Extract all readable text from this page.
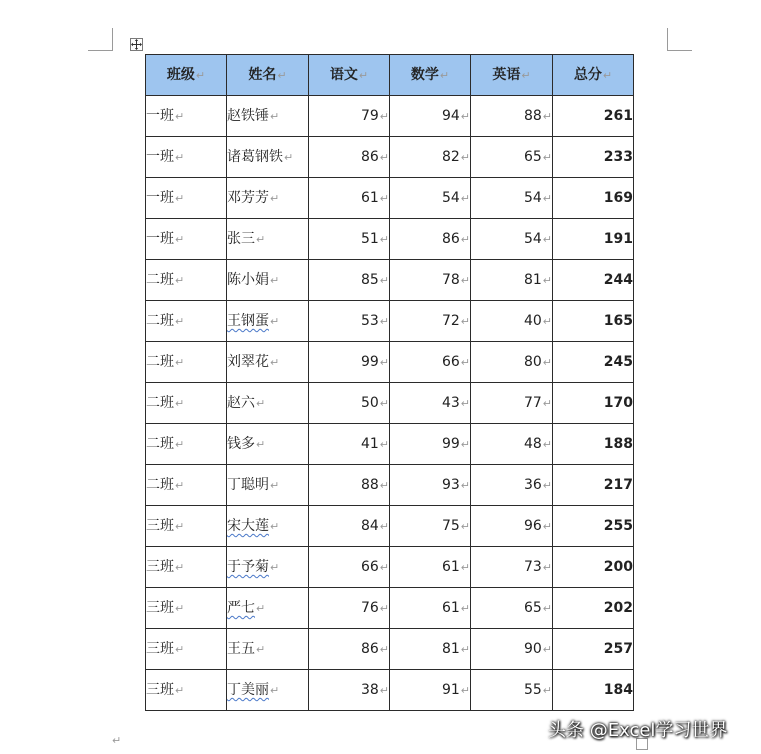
班级↵	姓名↵	语文↵	数学↵	英语↵	总分↵
一班↵	赵铁锤↵	79↵	94↵	88↵	261
一班↵	诸葛钢铁↵	86↵	82↵	65↵	233
一班↵	邓芳芳↵	61↵	54↵	54↵	169
一班↵	张三↵	51↵	86↵	54↵	191
二班↵	陈小娟↵	85↵	78↵	81↵	244
二班↵	王钢蛋↵	53↵	72↵	40↵	165
二班↵	刘翠花↵	99↵	66↵	80↵	245
二班↵	赵六↵	50↵	43↵	77↵	170
二班↵	钱多↵	41↵	99↵	48↵	188
二班↵	丁聪明↵	88↵	93↵	36↵	217
三班↵	宋大莲↵	84↵	75↵	96↵	255
三班↵	于予菊↵	66↵	61↵	73↵	200
三班↵	严七↵	76↵	61↵	65↵	202
三班↵	王五↵	86↵	81↵	90↵	257
三班↵	丁美丽↵	38↵	91↵	55↵	184
↵	头条 @Excel学习世界
